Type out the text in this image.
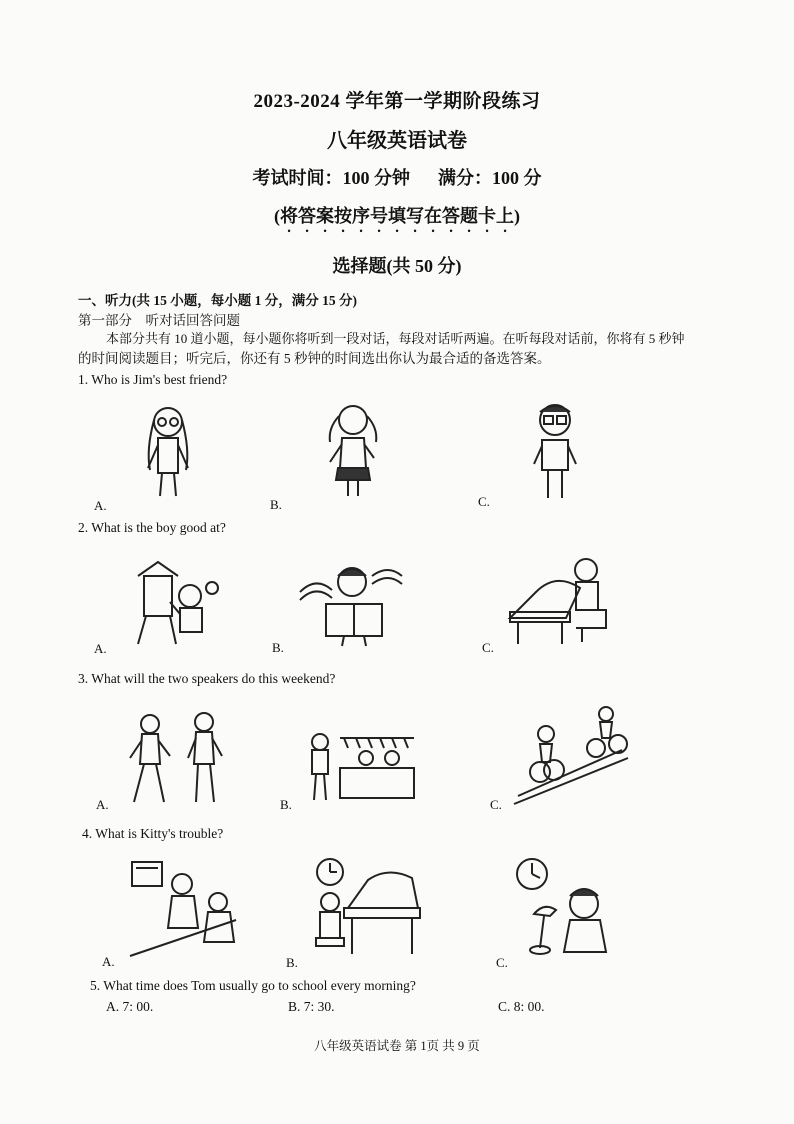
2023-2024 学年第一学期阶段练习
八年级英语试卷
考试时间：100 分钟 满分：100 分
(将答案按序号填写在答题卡上)
选择题(共 50 分)
一、听力(共 15 小题，每小题 1 分，满分 15 分)
第一部分　听对话回答问题
本部分共有 10 道小题，每小题你将听到一段对话，每段对话听两遍。在听每段对话前，你将有 5 秒钟
的时间阅读题目；听完后，你还有 5 秒钟的时间选出你认为最合适的备选答案。
1. Who is Jim's best friend?
A.	B.	C.
2. What is the boy good at?
A.	B.	C.
3. What will the two speakers do this weekend?
A.	B.	C.
4. What is Kitty's trouble?
A.	B.	C.
5. What time does Tom usually go to school every morning?
A. 7: 00.	B. 7: 30.	C. 8: 00.
八年级英语试卷 第 1页 共 9 页
